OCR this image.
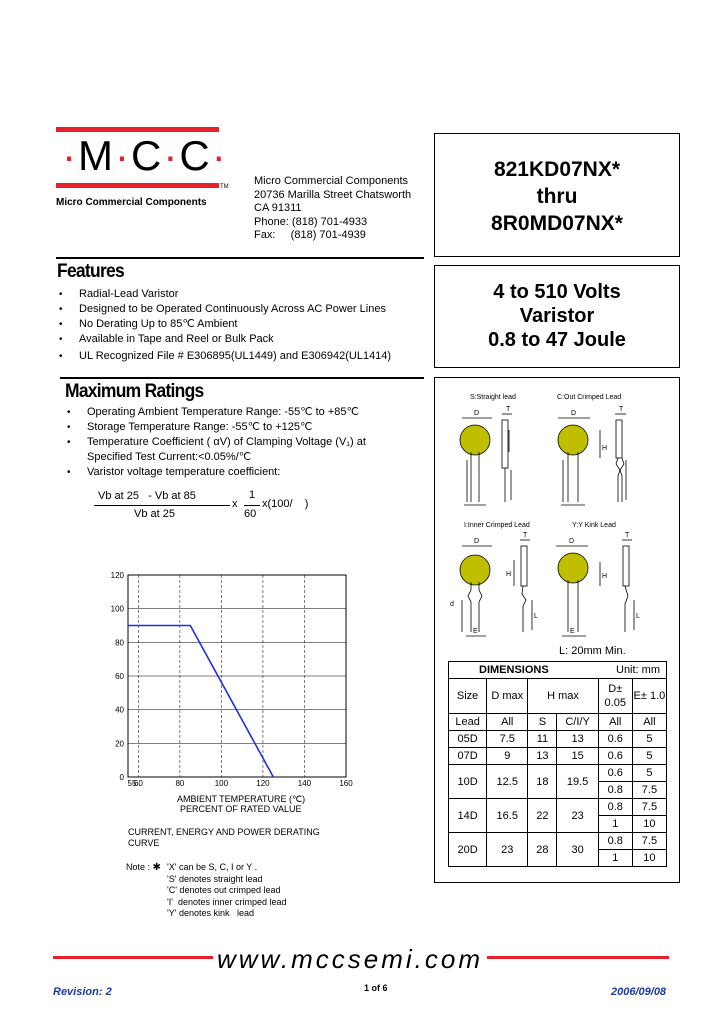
·M·C·C·
TM
Micro Commercial Components
Micro Commercial Components
20736 Marilla Street Chatsworth
CA 91311
Phone: (818) 701-4933
Fax:     (818) 701-4939
821KD07NX*
thru
8R0MD07NX*
4 to 510 Volts
Varistor
0.8 to 47 Joule
Features
• Radial-Lead Varistor
• Designed to be Operated Continuously Across AC Power Lines
• No Derating Up to 85℃ Ambient
• Available in Tape and Reel or Bulk Pack
• UL Recognized File # E306895(UL1449) and E306942(UL1414)
Maximum Ratings
• Operating Ambient Temperature Range: -55℃ to +85℃
• Storage Temperature Range: -55℃ to +125℃
• Temperature Coefficient ( αV) of Clamping Voltage (V₁) at
Specified Test Current:<0.05%/℃
• Varistor voltage temperature coefficient:
Vb at 25   - Vb at 85
Vb at 25
x
1
60
x(100/    )
0
20
40
60
80
100
120
55
60	80	100	120	140	160
AMBIENT TEMPERATURE (℃)
PERCENT OF RATED VALUE
CURRENT, ENERGY AND POWER DERATING
CURVE
Note : ✱ 'X' can be S, C, I or Y .
'S' denotes straight lead
'C' denotes out crimped lead
'I'  denotes inner crimped lead
'Y' denotes kink   lead
S:Straight lead	C:Out Crimped Lead
I:Inner Crimped Lead	Y:Y Kink Lead
D
T
D
T
H
D
d
E
T
H
L
D
E
H
T
L
L: 20mm Min.
DIMENSIONS Unit: mm					

Size	D max	H max		D± 0.05	E± 1.0
Lead	All	S	C/I/Y	All	All
05D	7.5	11	13	0.6	5
07D	9	13	15	0.6	5
10D	12.5	18	19.5	0.6	5
				0.8	7.5
14D	16.5	22	23	0.8	7.5
				1	10
20D	23	28	30	0.8	7.5
				1	10
www.mccsemi.com
Revision: 2	1 of 6	2006/09/08
